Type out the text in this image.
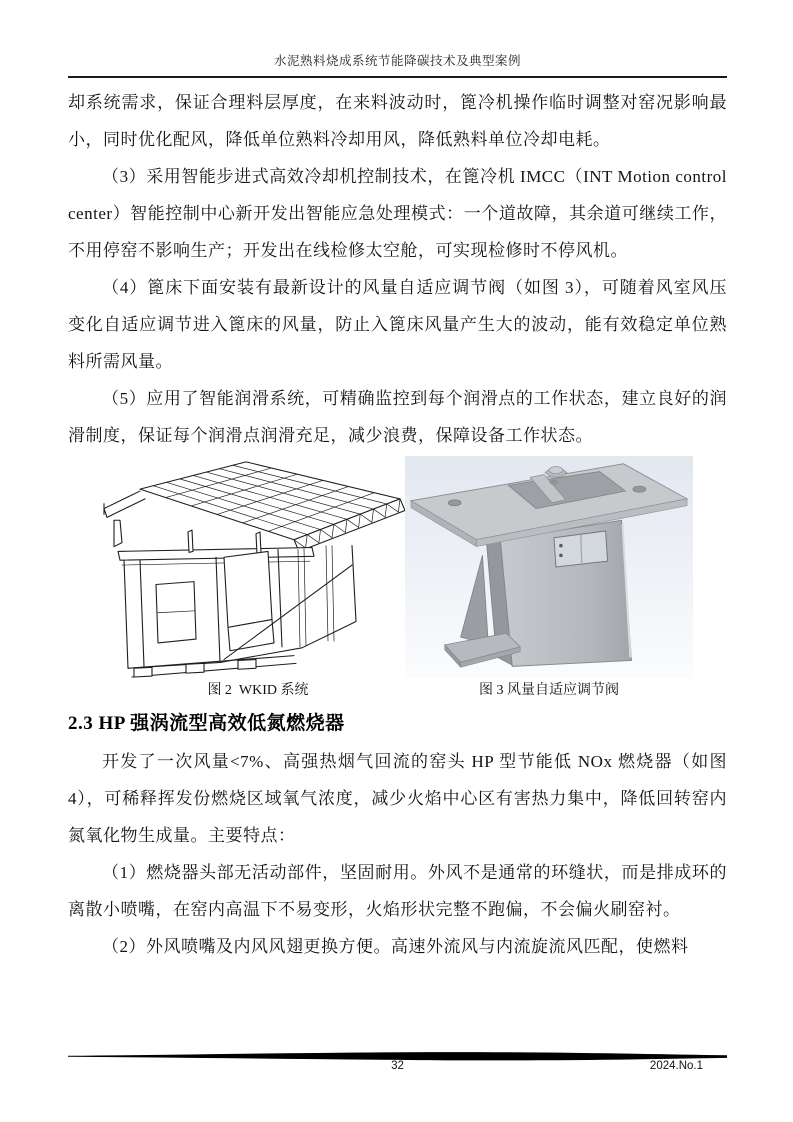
水泥熟料烧成系统节能降碳技术及典型案例

却系统需求，保证合理料层厚度，在来料波动时，篦冷机操作临时调整对窑况影响最小，同时优化配风，降低单位熟料冷却用风，降低熟料单位冷却电耗。

（3）采用智能步进式高效冷却机控制技术，在篦冷机 IMCC（INT Motion control center）智能控制中心新开发出智能应急处理模式：一个道故障，其余道可继续工作，不用停窑不影响生产；开发出在线检修太空舱，可实现检修时不停风机。

（4）篦床下面安装有最新设计的风量自适应调节阀（如图 3），可随着风室风压变化自适应调节进入篦床的风量，防止入篦床风量产生大的波动，能有效稳定单位熟料所需风量。

（5）应用了智能润滑系统，可精确监控到每个润滑点的工作状态，建立良好的润滑制度，保证每个润滑点润滑充足，减少浪费，保障设备工作状态。

图 2  WKID 系统	图 3 风量自适应调节阀
2.3 HP 强涡流型高效低氮燃烧器

开发了一次风量<7%、高强热烟气回流的窑头 HP 型节能低 NOx 燃烧器（如图 4），可稀释挥发份燃烧区域氧气浓度，减少火焰中心区有害热力集中，降低回转窑内氮氧化物生成量。主要特点：

（1）燃烧器头部无活动部件，坚固耐用。外风不是通常的环缝状，而是排成环的离散小喷嘴，在窑内高温下不易变形，火焰形状完整不跑偏，不会偏火刷窑衬。

（2）外风喷嘴及内风风翅更换方便。高速外流风与内流旋流风匹配，使燃料

32	2024.No.1
